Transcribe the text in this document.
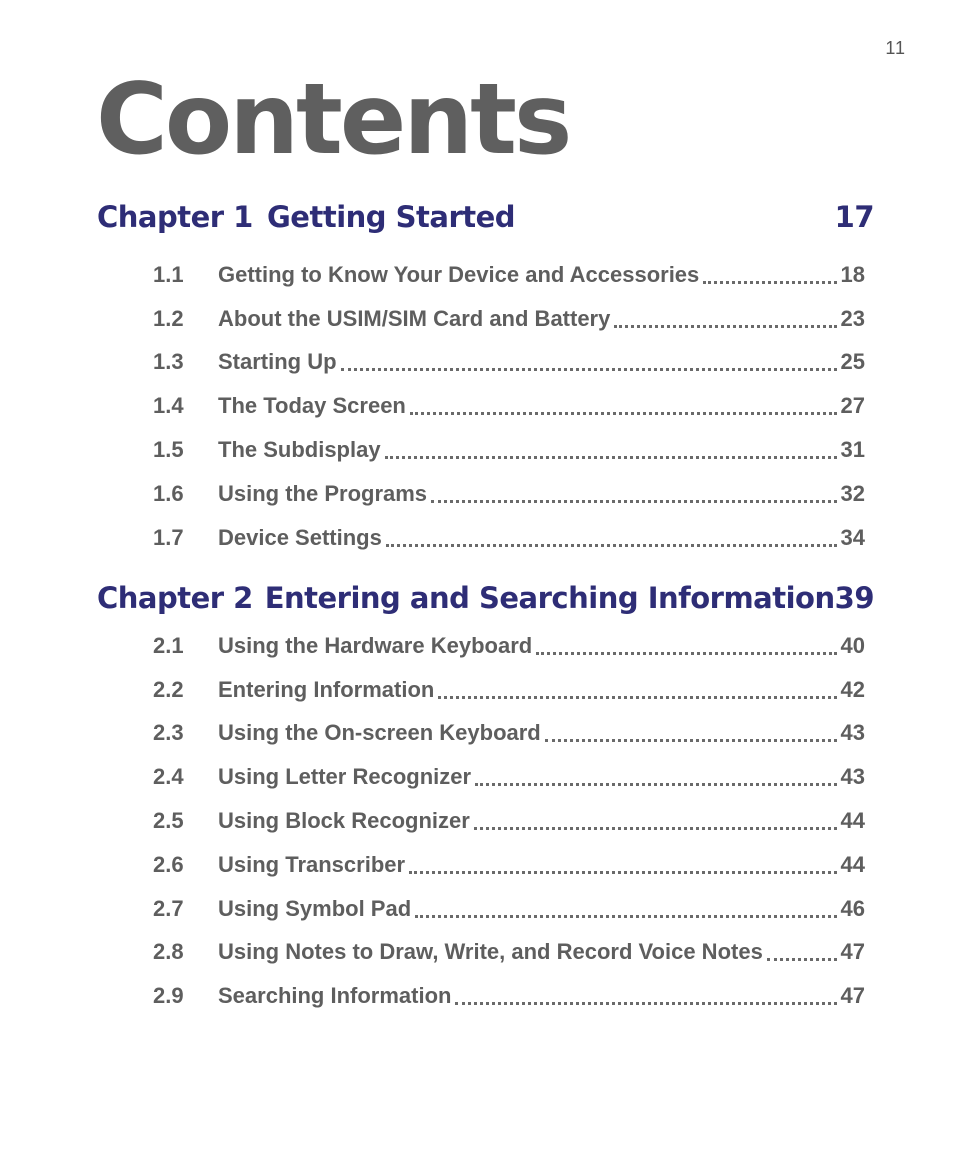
11
Contents
Chapter 1 Getting Started	17
1.1	Getting to Know Your Device and Accessories	18
1.2	About the USIM/SIM Card and Battery	23
1.3	Starting Up	25
1.4	The Today Screen	27
1.5	The Subdisplay	31
1.6	Using the Programs	32
1.7	Device Settings	34
Chapter 2 Entering and Searching Information 39
2.1	Using the Hardware Keyboard	40
2.2	Entering Information	42
2.3	Using the On-screen Keyboard	43
2.4	Using Letter Recognizer	43
2.5	Using Block Recognizer	44
2.6	Using Transcriber	44
2.7	Using Symbol Pad	46
2.8	Using Notes to Draw, Write, and Record Voice Notes	47
2.9	Searching Information	47
